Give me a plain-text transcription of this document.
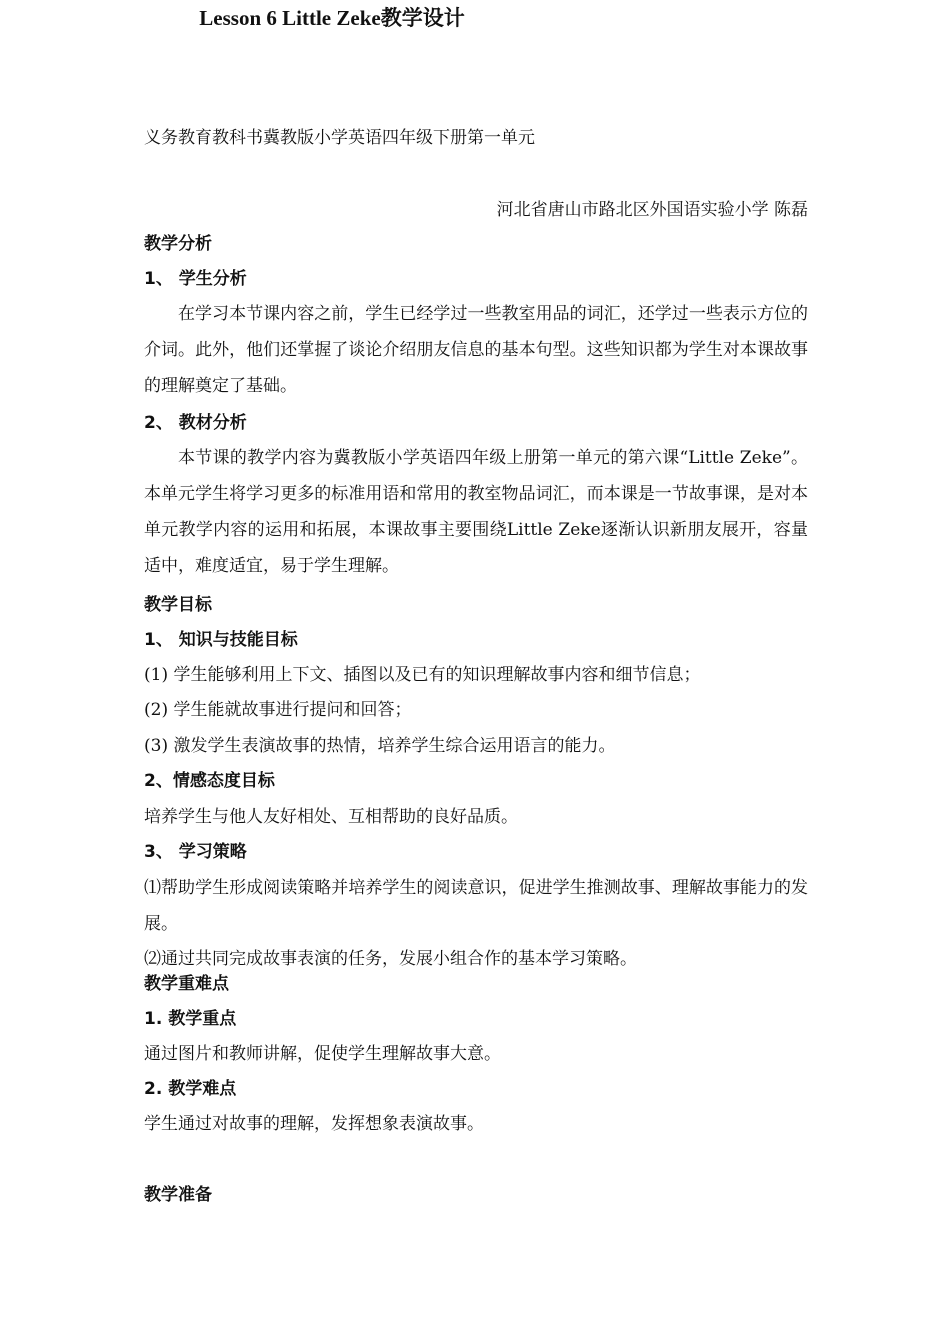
义务教育教科书冀教版小学英语四年级下册第一单元
Lesson 6 Little Zeke教学设计
河北省唐山市路北区外国语实验小学 陈磊
教学分析
1、 学生分析
在学习本节课内容之前，学生已经学过一些教室用品的词汇，还学过一些表示方位的介词。此外，他们还掌握了谈论介绍朋友信息的基本句型。这些知识都为学生对本课故事的理解奠定了基础。
2、 教材分析
本节课的教学内容为冀教版小学英语四年级上册第一单元的第六课“Little Zeke”。本单元学生将学习更多的标准用语和常用的教室物品词汇，而本课是一节故事课，是对本单元教学内容的运用和拓展，本课故事主要围绕Little Zeke逐渐认识新朋友展开，容量适中，难度适宜，易于学生理解。
教学目标
1、 知识与技能目标
(1) 学生能够利用上下文、插图以及已有的知识理解故事内容和细节信息；
(2) 学生能就故事进行提问和回答；
(3) 激发学生表演故事的热情，培养学生综合运用语言的能力。
2、情感态度目标
培养学生与他人友好相处、互相帮助的良好品质。
3、 学习策略
⑴帮助学生形成阅读策略并培养学生的阅读意识，促进学生推测故事、理解故事能力的发展。
⑵通过共同完成故事表演的任务，发展小组合作的基本学习策略。
教学重难点
1. 教学重点
通过图片和教师讲解，促使学生理解故事大意。
2. 教学难点
学生通过对故事的理解，发挥想象表演故事。
教学准备
